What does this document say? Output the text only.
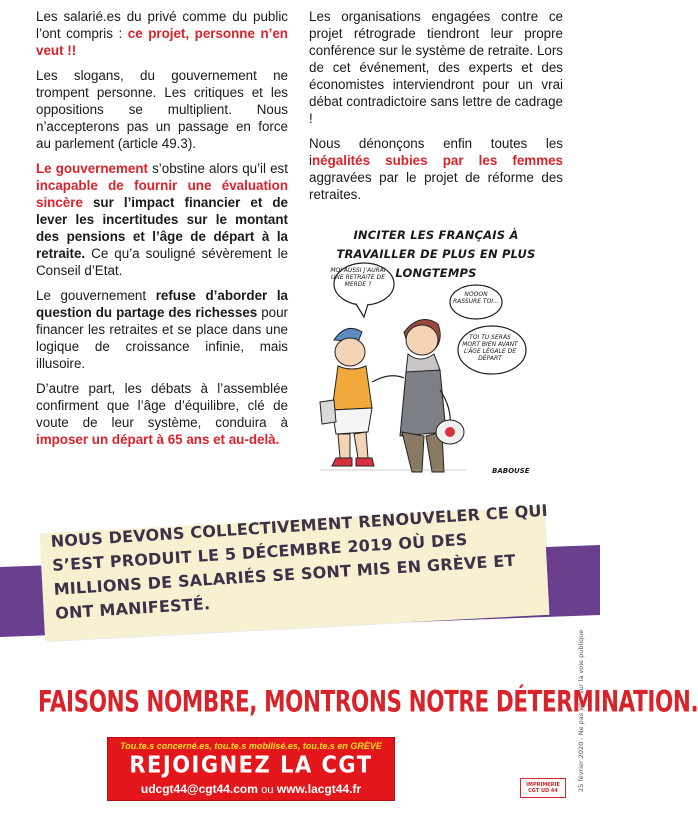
Les salarié.es du privé comme du public l’ont compris : ce projet, personne n’en veut !!

Les slogans, du gouvernement ne trompent personne. Les critiques et les oppositions se multiplient. Nous n’accepterons pas un passage en force au parlement (article 49.3).

Le gouvernement s’obstine alors qu’il est incapable de fournir une évaluation sincère sur l’impact financier et de lever les incertitudes sur le montant des pensions et l’âge de départ à la retraite. Ce qu’a souligné sévèrement le Conseil d’Etat.

Le gouvernement refuse d’aborder la question du partage des richesses pour financer les retraites et se place dans une logique de croissance infinie, mais illusoire.

D’autre part, les débats à l’assemblée confirment que l’âge d’équilibre, clé de voute de leur système, conduira à imposer un départ à 65 ans et au-delà.

Les organisations engagées contre ce projet rétrograde tiendront leur propre conférence sur le système de retraite. Lors de cet événement, des experts et des économistes interviendront pour un vrai débat contradictoire sans lettre de cadrage !

Nous dénonçons enfin toutes les inégalités subies par les femmes aggravées par le projet de réforme des retraites.

INCITER LES FRANÇAIS À TRAVAILLER DE PLUS EN PLUS LONGTEMPS
MOI AUSSI J’AURAI UNE RETRAITE DE MERDE ?
NOOON RASSURE TOI…
TOI TU SERAS MORT BIEN AVANT L’ÂGE LÉGALE DE DÉPART
BABOUSE
NOUS DEVONS COLLECTIVEMENT RENOUVELER CE QUI S’EST PRODUIT LE 5 DÉCEMBRE 2019 OÙ DES MILLIONS DE SALARIÉS SE SONT MIS EN GRÈVE ET ONT MANIFESTÉ.
25 février 2020 - Ne pas jeter sur la voie publique
FAISONS NOMBRE, MONTRONS NOTRE DÉTERMINATION.
Tou.te.s concerné.es, tou.te.s mobilisé.es, tou.te.s en GRÈVE
REJOIGNEZ LA CGT
udcgt44@cgt44.com ou www.lacgt44.fr	IMPRIMERIE
CGT UD 44
